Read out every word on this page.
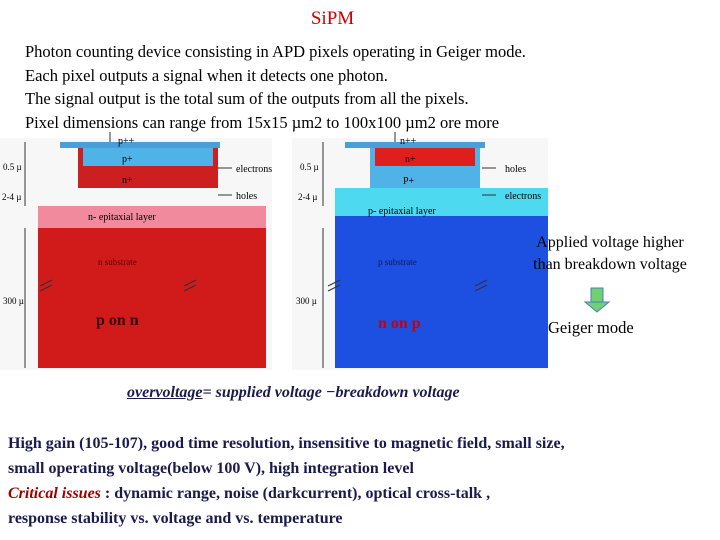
SiPM
Photon counting device consisting in APD pixels operating in Geiger mode.
Each pixel outputs a signal when it detects one photon.
The signal output is the total sum of the outputs from all the pixels.
Pixel dimensions can range from 15x15 µm2 to 100x100 µm2 ore more
p++
p+
n+
n- epitaxial layer
n substrate
electrons
holes
0.5 µ
2-4 µ
300 µ
p on n
n++
n+
P+
p- epitaxial layer
p substrate
holes
electrons
0.5 µ
2-4 µ
300 µ
n on p
Applied voltage higher
than breakdown voltage
Geiger mode
overvoltage= supplied voltage −breakdown voltage
High gain (105-107), good time resolution, insensitive to magnetic field, small size,
small operating voltage(below 100 V), high integration level
Critical issues : dynamic range, noise (darkcurrent), optical cross-talk ,
response stability vs. voltage and vs. temperature
